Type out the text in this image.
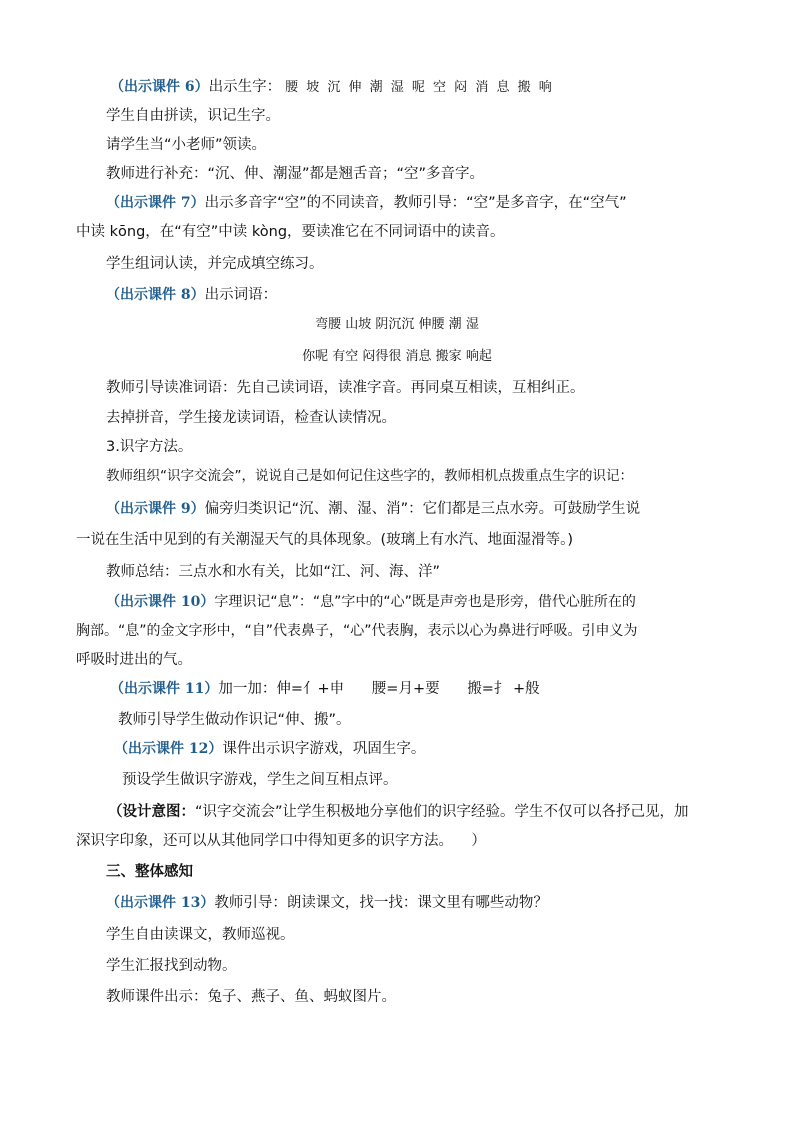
（出示课件 6）出示生字： 腰 坡 沉 伸 潮 湿 呢 空 闷 消 息 搬 响
学生自由拼读，识记生字。
请学生当“小老师”领读。
教师进行补充：“沉、伸、潮湿”都是翘舌音；“空”多音字。
（出示课件 7）出示多音字“空”的不同读音，教师引导：“空”是多音字，在“空气”
中读 kōng，在“有空”中读 kòng，要读准它在不同词语中的读音。
学生组词认读，并完成填空练习。
（出示课件 8）出示词语：
弯腰 山坡 阴沉沉 伸腰 潮 湿
你呢 有空 闷得很 消息 搬家 响起
教师引导读准词语：先自己读词语，读准字音。再同桌互相读，互相纠正。
去掉拼音，学生接龙读词语，检查认读情况。
3.识字方法。
教师组织“识字交流会”，说说自己是如何记住这些字的，教师相机点拨重点生字的识记：
（出示课件 9）偏旁归类识记“沉、潮、湿、消”：它们都是三点水旁。可鼓励学生说
一说在生活中见到的有关潮湿天气的具体现象。(玻璃上有水汽、地面湿滑等。)
教师总结：三点水和水有关，比如“江、河、海、洋”
（出示课件 10）字理识记“息”：“息”字中的“心”既是声旁也是形旁，借代心脏所在的
胸部。“息”的金文字形中，“自”代表鼻子，“心”代表胸，表示以心为鼻进行呼吸。引申义为
呼吸时进出的气。
（出示课件 11）加一加：伸=亻+申      腰=月+要      搬=扌 +般
教师引导学生做动作识记“伸、搬”。
（出示课件 12）课件出示识字游戏，巩固生字。
预设学生做识字游戏，学生之间互相点评。
（设计意图：“识字交流会”让学生积极地分享他们的识字经验。学生不仅可以各抒己见，加
深识字印象，还可以从其他同学口中得知更多的识字方法。    ）
三、整体感知
（出示课件 13）教师引导：朗读课文，找一找：课文里有哪些动物？
学生自由读课文，教师巡视。
学生汇报找到动物。
教师课件出示：兔子、燕子、鱼、蚂蚁图片。
